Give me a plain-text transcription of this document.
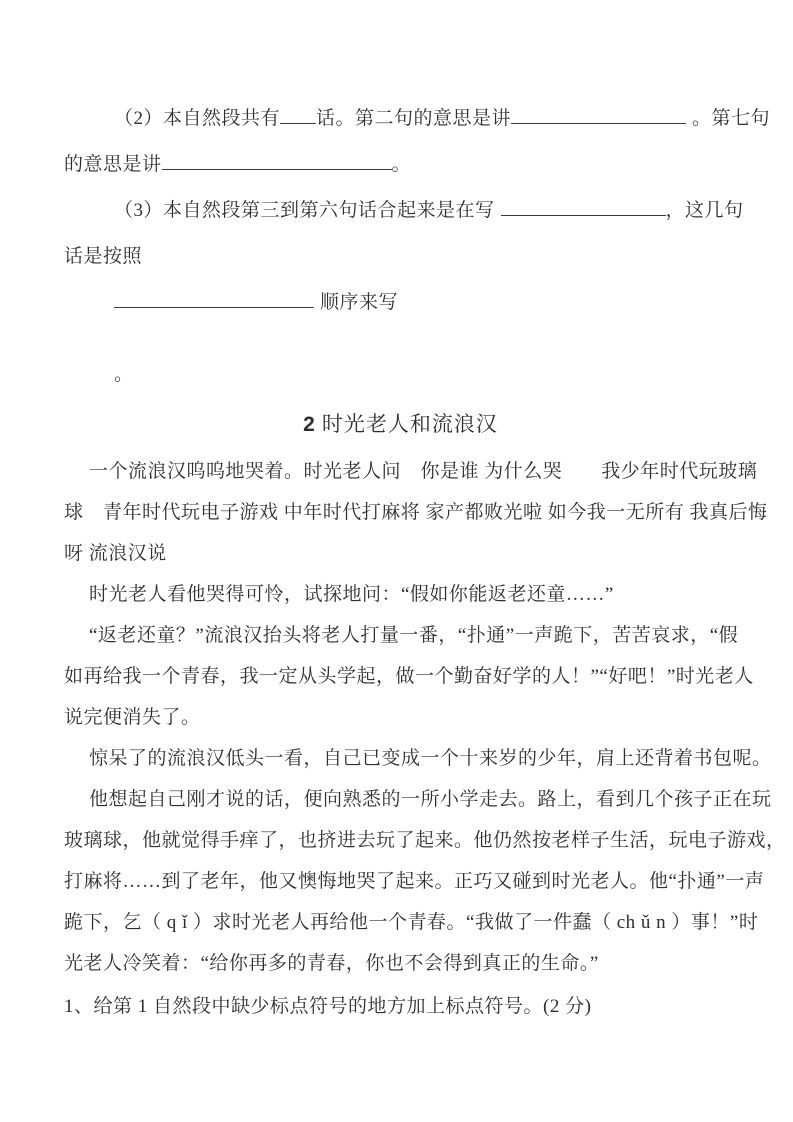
（2）本自然段共有 话。第二句的意思是讲	。第七句
的意思是讲	。
（3）本自然段第三到第六句话合起来是在写	，这几句
话是按照
顺序来写
。
2 时光老人和流浪汉
一个流浪汉呜呜地哭着。时光老人问　你是谁 为什么哭　　我少年时代玩玻璃
球　青年时代玩电子游戏 中年时代打麻将 家产都败光啦 如今我一无所有 我真后悔
呀 流浪汉说
时光老人看他哭得可怜，试探地问：“假如你能返老还童……”
“返老还童？”流浪汉抬头将老人打量一番，“扑通”一声跪下，苦苦哀求，“假
如再给我一个青春，我一定从头学起，做一个勤奋好学的人！”“好吧！”时光老人
说完便消失了。
惊呆了的流浪汉低头一看，自己已变成一个十来岁的少年，肩上还背着书包呢。
他想起自己刚才说的话，便向熟悉的一所小学走去。路上，看到几个孩子正在玩
玻璃球，他就觉得手痒了，也挤进去玩了起来。他仍然按老样子生活，玩电子游戏，
打麻将……到了老年，他又懊悔地哭了起来。正巧又碰到时光老人。他“扑通”一声
跪下，乞（ q ǐ ）求时光老人再给他一个青春。“我做了一件蠢（ ch ǔ n ）事！”时
光老人冷笑着：“给你再多的青春，你也不会得到真正的生命。”
1、给第 1 自然段中缺少标点符号的地方加上标点符号。(2 分)
